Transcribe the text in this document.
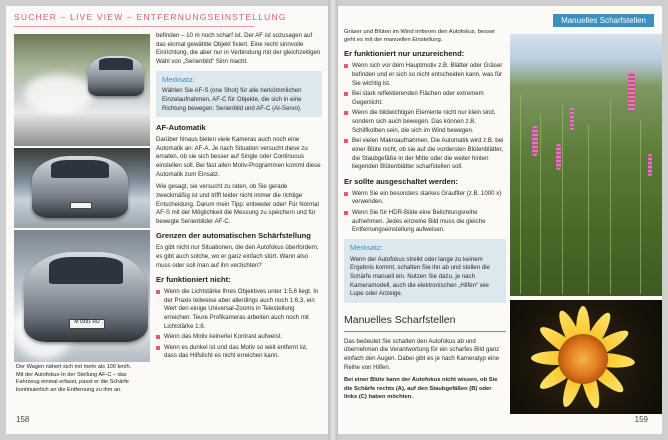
SUCHER – LIVE VIEW – ENTFERNUNGSEINSTELLUNG
M 0391 RU
Der Wagen nähert sich mit mehr als 100 km/h. Mit der Autofokus-In der Stellung AF-C – das Fahrzeug einmal erfasst, passt er die Schärfe kontinuierlich an die Entfernung zu ihm an.

befinden – 10 m noch scharf ist. Der AF ist sozusagen auf das einmal gewählte Objekt fixiert. Eine recht sinnvolle Einrichtung, die aber nur in Verbindung mit der gleichzeitigen Wahl von „Serienbild“ Sinn macht.

Merksatz:
Wählen Sie AF-S (one Shot) für alle herkömmlichen Einzelaufnahmen, AF-C für Objekte, die sich in eine Richtung bewegen: Serienbild und AF-C (AI-Servo).
AF-Automatik

Darüber hinaus bieten viele Kameras auch noch eine Automatik an: AF-A. Je nach Situation versucht diese zu ernaten, ob sie sich besser auf Single oder Continuous einstellen soll. Bei fast allen Motiv-Programmen kommt diese Automatik zum Einsatz.

Wie gesagt, sie versucht zu raten, ob Sie gerade zweckmäßig ist und trifft leider nicht immer die richtige Entscheidung. Darum mein Tipp: entweder oder! Für Normal AF-S mit der Möglichkeit die Messung zu speichern und für bewegte Serienbilder AF-C.

Grenzen der automatischen Schärfstellung

Es gibt nicht nur Situationen, die den Autofokus überfordern, es gibt auch solche, wo er ganz einfach stürt. Wann also muss oder soll man auf ihn verzichten?

Er funktioniert nicht:
Wenn die Lichtstärke Ihres Objektives unter 1:5,6 liegt. In der Praxis teilweise aber allerdings auch noch 1:6,3, ein Wert den einige Universal-Zooms in Telestellung erreichen. Teure Profikameras arbeiten auch noch mit Lichtstärke 1:8.
Wenn das Motiv keinerlei Kontrast aufweist.
Wenn es dunkel ist und das Motiv so weit entfernt ist, dass das Hilfslicht es nicht erreichen kann.
158
Manuelles Scharfstellen

Gräser und Blüten im Wind irritieren den Autofokus, besser geht es mit der manuellen Einstellung.

Er funktioniert nur unzureichend:
Wenn sich vor dem Hauptmotiv z.B. Blätter oder Gräser befinden und er sich so nicht entscheiden kann, was für Sie wichtig ist.
Bei stark reflektierenden Flächen oder extremem Gegenlicht.
Wenn die bildwichtigen Elemente nicht nur klein sind, sondern sich auch bewegen. Das können z.B. Schilfkolben sein, die sich im Wind bewegen.
Bei vielen Makroaufnahmen. Die Automatik wird z.B. bei einer Blüte nicht, ob sie auf die vordersten Blütenblätter, die Staubgefäße in der Mitte oder die weiter hinten liegenden Blütenblätter scharfstellen soll.
Er sollte ausgeschaltet werden:
Wenn Sie ein besonders starkes Grauflter (z.B. 1000 x) verwenden.
Wenn Sie für HDR-Bilde eine Belichtungsreihe aufnehmen. Jedes einzelne Bild muss die gleiche Entfernungseinstellung aufweisen.
Merksatz:
Wenn der Autofokus streikt oder lange zu keinem Ergebnis kommt, schalten Sie ihn ab und stellen die Schärfe manuell ein. Nutzen Sie dazu, je nach Kameramodell, auch die elektronischen „Hilfen“ wie Lupe oder Anzeige.
Manuelles Scharfstellen

Das bedeutet Sie schalten den Autofokus ab und übernehmen die Verantwortung für ein scharfes Bild ganz einfach den Augen. Dabei gibt es je nach Kameratyp eine Reihe von Hilfen.

Bei einer Blüte kann der Autofokus nicht wissen, ob Sie die Schärfe rechts (A), auf den Staubgefäßen (B) oder links (C) haben möchten.

159
